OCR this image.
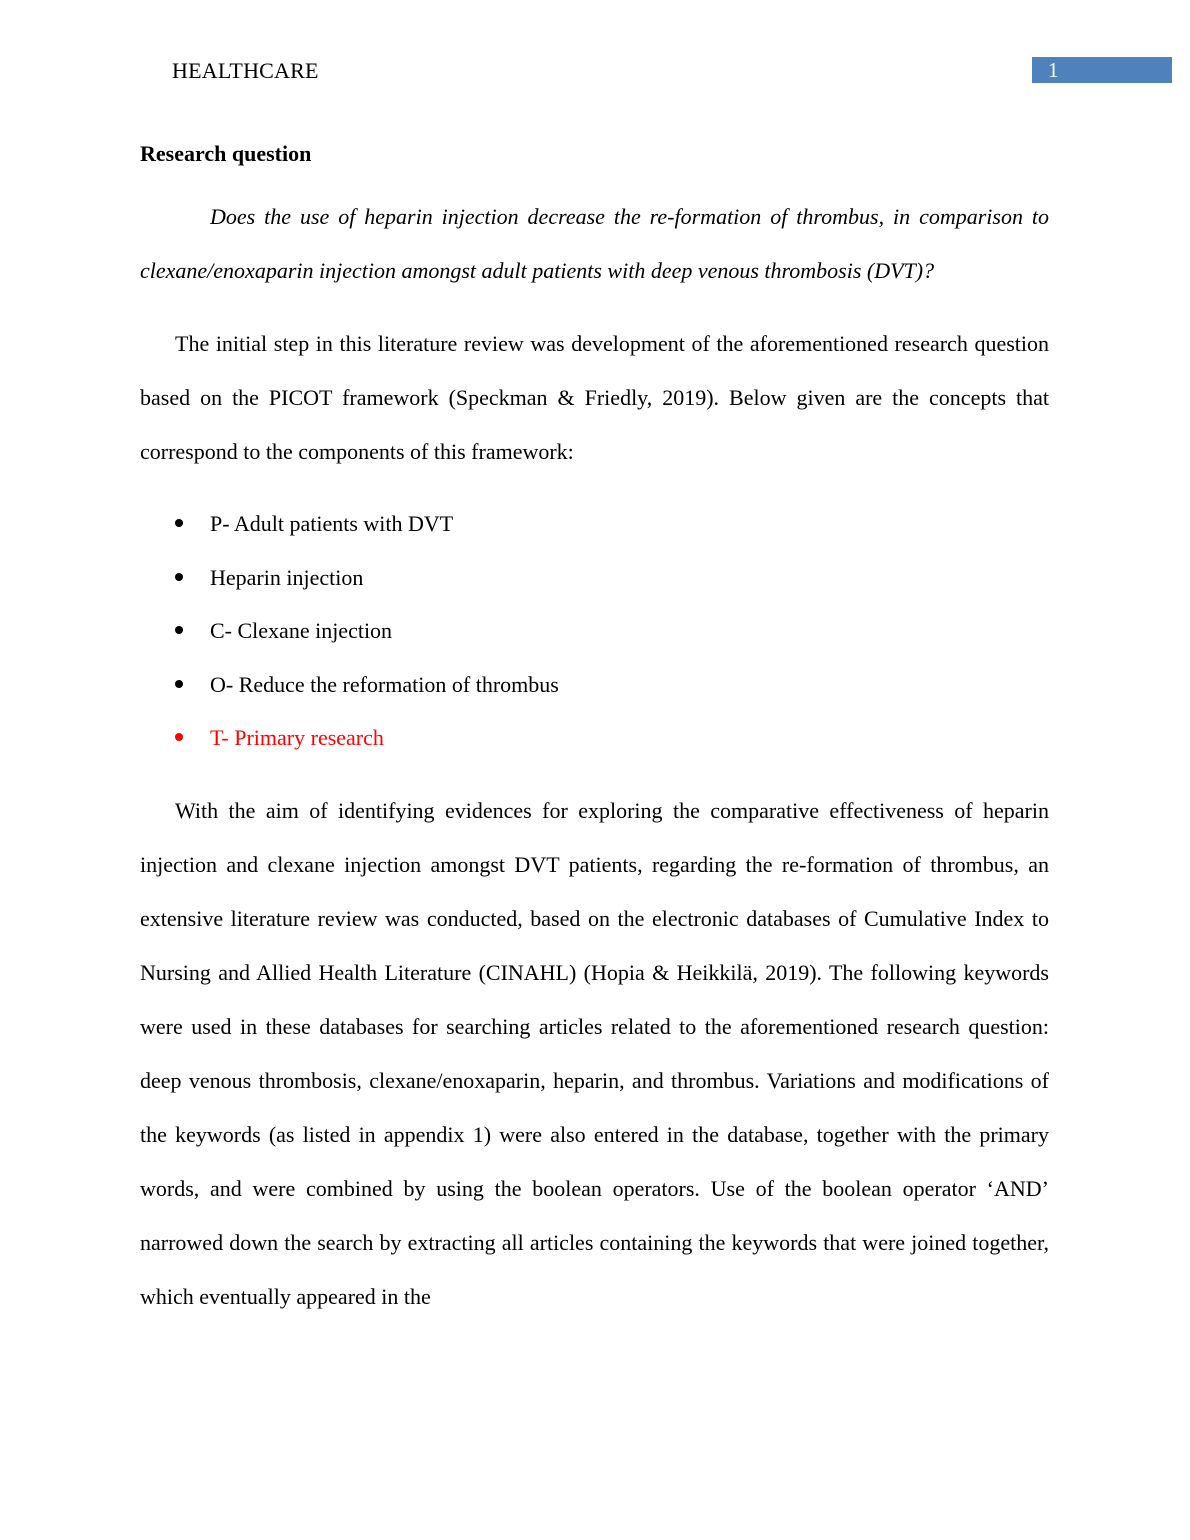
HEALTHCARE	1

Research question

Does the use of heparin injection decrease the re-formation of thrombus, in comparison to clexane/enoxaparin injection amongst adult patients with deep venous thrombosis (DVT)?

The initial step in this literature review was development of the aforementioned research question based on the PICOT framework (Speckman & Friedly, 2019). Below given are the concepts that correspond to the components of this framework:

P- Adult patients with DVT
Heparin injection
C- Clexane injection
O- Reduce the reformation of thrombus
T- Primary research

With the aim of identifying evidences for exploring the comparative effectiveness of heparin injection and clexane injection amongst DVT patients, regarding the re-formation of thrombus, an extensive literature review was conducted, based on the electronic databases of Cumulative Index to Nursing and Allied Health Literature (CINAHL) (Hopia & Heikkilä, 2019). The following keywords were used in these databases for searching articles related to the aforementioned research question: deep venous thrombosis, clexane/enoxaparin, heparin, and thrombus. Variations and modifications of the keywords (as listed in appendix 1) were also entered in the database, together with the primary words, and were combined by using the boolean operators. Use of the boolean operator ‘AND’ narrowed down the search by extracting all articles containing the keywords that were joined together, which eventually appeared in the
